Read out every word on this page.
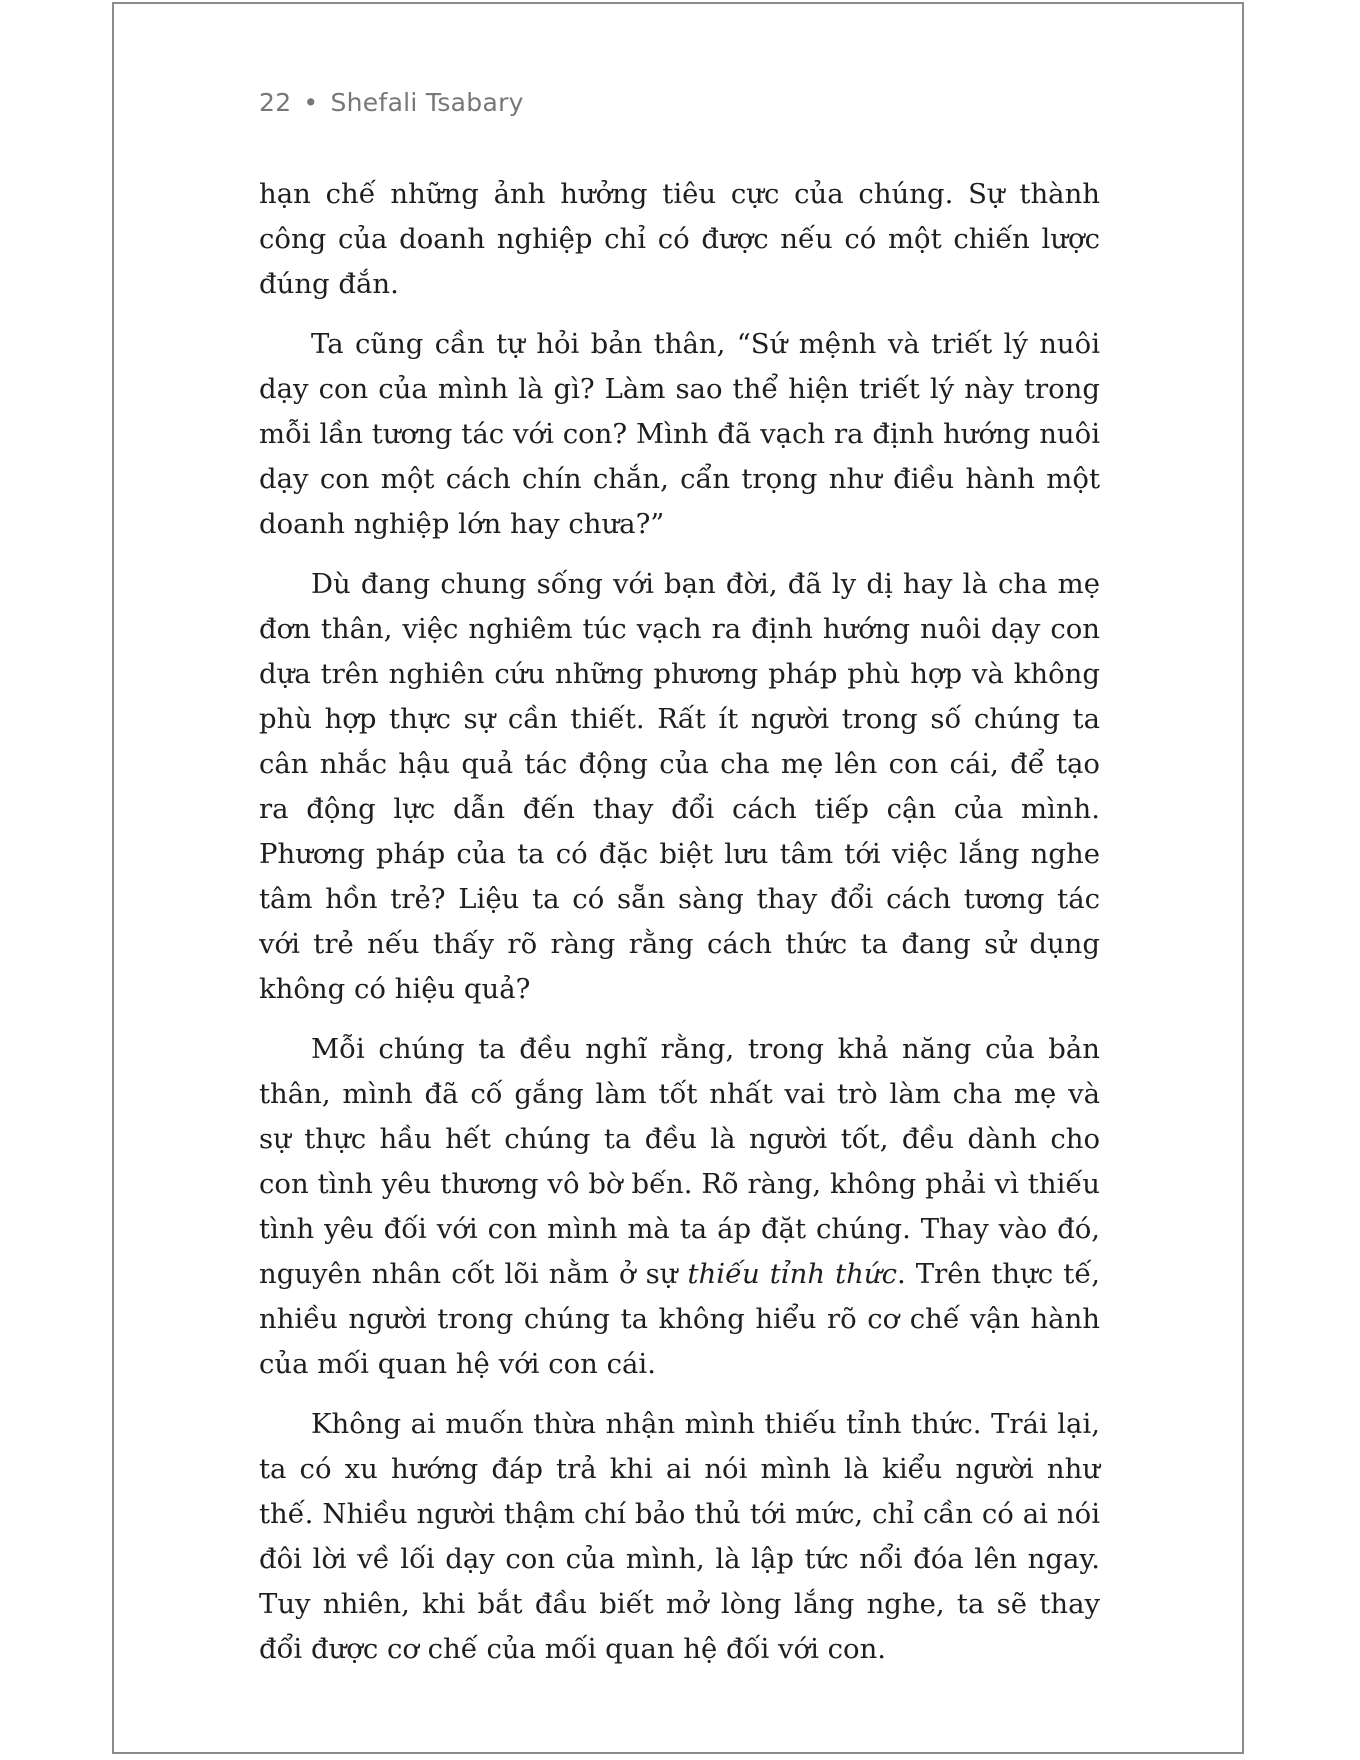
22 • Shefali Tsabary

hạn chế những ảnh hưởng tiêu cực của chúng. Sự thành công của doanh nghiệp chỉ có được nếu có một chiến lược đúng đắn.

Ta cũng cần tự hỏi bản thân, “Sứ mệnh và triết lý nuôi dạy con của mình là gì? Làm sao thể hiện triết lý này trong mỗi lần tương tác với con? Mình đã vạch ra định hướng nuôi dạy con một cách chín chắn, cẩn trọng như điều hành một doanh nghiệp lớn hay chưa?”

Dù đang chung sống với bạn đời, đã ly dị hay là cha mẹ đơn thân, việc nghiêm túc vạch ra định hướng nuôi dạy con dựa trên nghiên cứu những phương pháp phù hợp và không phù hợp thực sự cần thiết. Rất ít người trong số chúng ta cân nhắc hậu quả tác động của cha mẹ lên con cái, để tạo ra động lực dẫn đến thay đổi cách tiếp cận của mình. Phương pháp của ta có đặc biệt lưu tâm tới việc lắng nghe tâm hồn trẻ? Liệu ta có sẵn sàng thay đổi cách tương tác với trẻ nếu thấy rõ ràng rằng cách thức ta đang sử dụng không có hiệu quả?

Mỗi chúng ta đều nghĩ rằng, trong khả năng của bản thân, mình đã cố gắng làm tốt nhất vai trò làm cha mẹ và sự thực hầu hết chúng ta đều là người tốt, đều dành cho con tình yêu thương vô bờ bến. Rõ ràng, không phải vì thiếu tình yêu đối với con mình mà ta áp đặt chúng. Thay vào đó, nguyên nhân cốt lõi nằm ở sự thiếu tỉnh thức. Trên thực tế, nhiều người trong chúng ta không hiểu rõ cơ chế vận hành của mối quan hệ với con cái.

Không ai muốn thừa nhận mình thiếu tỉnh thức. Trái lại, ta có xu hướng đáp trả khi ai nói mình là kiểu người như thế. Nhiều người thậm chí bảo thủ tới mức, chỉ cần có ai nói đôi lời về lối dạy con của mình, là lập tức nổi đóa lên ngay. Tuy nhiên, khi bắt đầu biết mở lòng lắng nghe, ta sẽ thay đổi được cơ chế của mối quan hệ đối với con.
